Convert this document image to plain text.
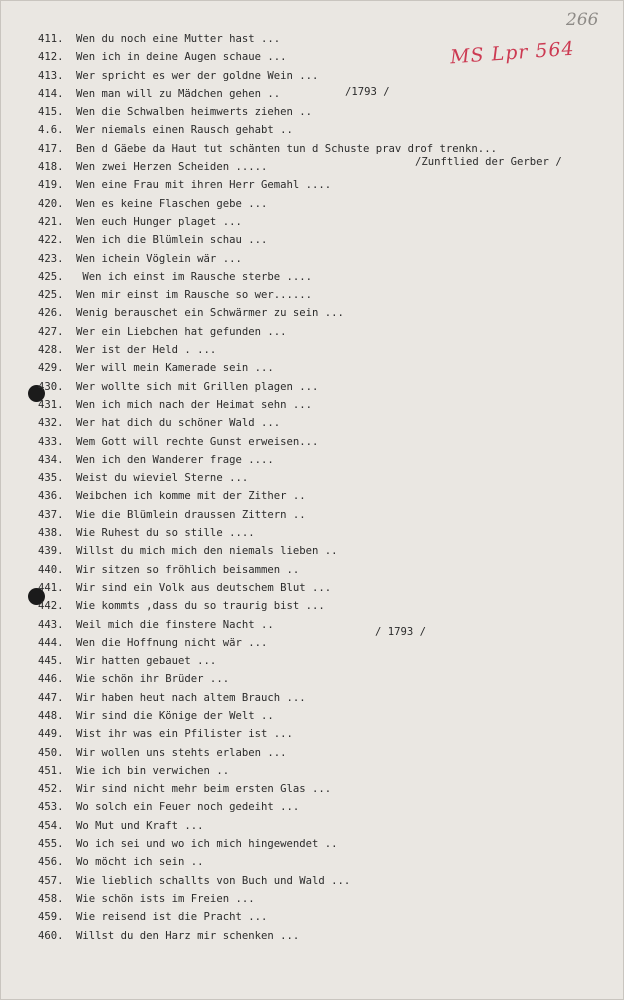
266
MS Lpr 564
411. Wen du noch eine Mutter hast ...
412. Wen ich in deine Augen schaue ...
413. Wer spricht es wer der goldne Wein ...
414. Wen man will zu Mädchen gehen ..
415. Wen die Schwalben heimwerts ziehen ..
4.6. Wer niemals einen Rausch gehabt ..
417. Ben d Gäebe da Haut tut schänten tun d Schuste prav drof trenkn...
418. Wen zwei Herzen Scheiden .....
419. Wen eine Frau mit ihren Herr Gemahl ....
420. Wen es keine Flaschen gebe ...
421. Wen euch Hunger plaget ...
422. Wen ich die Blümlein schau ...
423. Wen ichein Vöglein wär ...
425. Wen ich einst im Rausche sterbe ....
425. Wen mir einst im Rausche so wer......
426. Wenig berauschet ein Schwärmer zu sein ...
427. Wer ein Liebchen hat gefunden ...
428. Wer ist der Held . ...
429. Wer will mein Kamerade sein ...
430. Wer wollte sich mit Grillen plagen ...
431. Wen ich mich nach der Heimat sehn ...
432. Wer hat dich du schöner Wald ...
433. Wem Gott will rechte Gunst erweisen...
434. Wen ich den Wanderer frage ....
435. Weist du wieviel Sterne ...
436. Weibchen ich komme mit der Zither ..
437. Wie die Blümlein draussen Zittern ..
438. Wie Ruhest du so stille ....
439. Willst du mich mich den niemals lieben ..
440. Wir sitzen so fröhlich beisammen ..
441. Wir sind ein Volk aus deutschem Blut ...
442. Wie kommts ,dass du so traurig bist ...
443. Weil mich die finstere Nacht ..
444. Wen die Hoffnung nicht wär ...
445. Wir hatten gebauet ...
446. Wie schön ihr Brüder ...
447. Wir haben heut nach altem Brauch ...
448. Wir sind die Könige der Welt ..
449. Wist ihr was ein Pfilister ist ...
450. Wir wollen uns stehts erlaben ...
451. Wie ich bin verwichen ..
452. Wir sind nicht mehr beim ersten Glas ...
453. Wo solch ein Feuer noch gedeiht ...
454. Wo Mut und Kraft ...
455. Wo ich sei und wo ich mich hingewendet ..
456. Wo möcht ich sein ..
457. Wie lieblich schallts von Buch und Wald ...
458. Wie schön ists im Freien ...
459. Wie reisend ist die Pracht ...
460. Willst du den Harz mir schenken ...
/1793 /
/Zunftlied der Gerber /
/ 1793 /
